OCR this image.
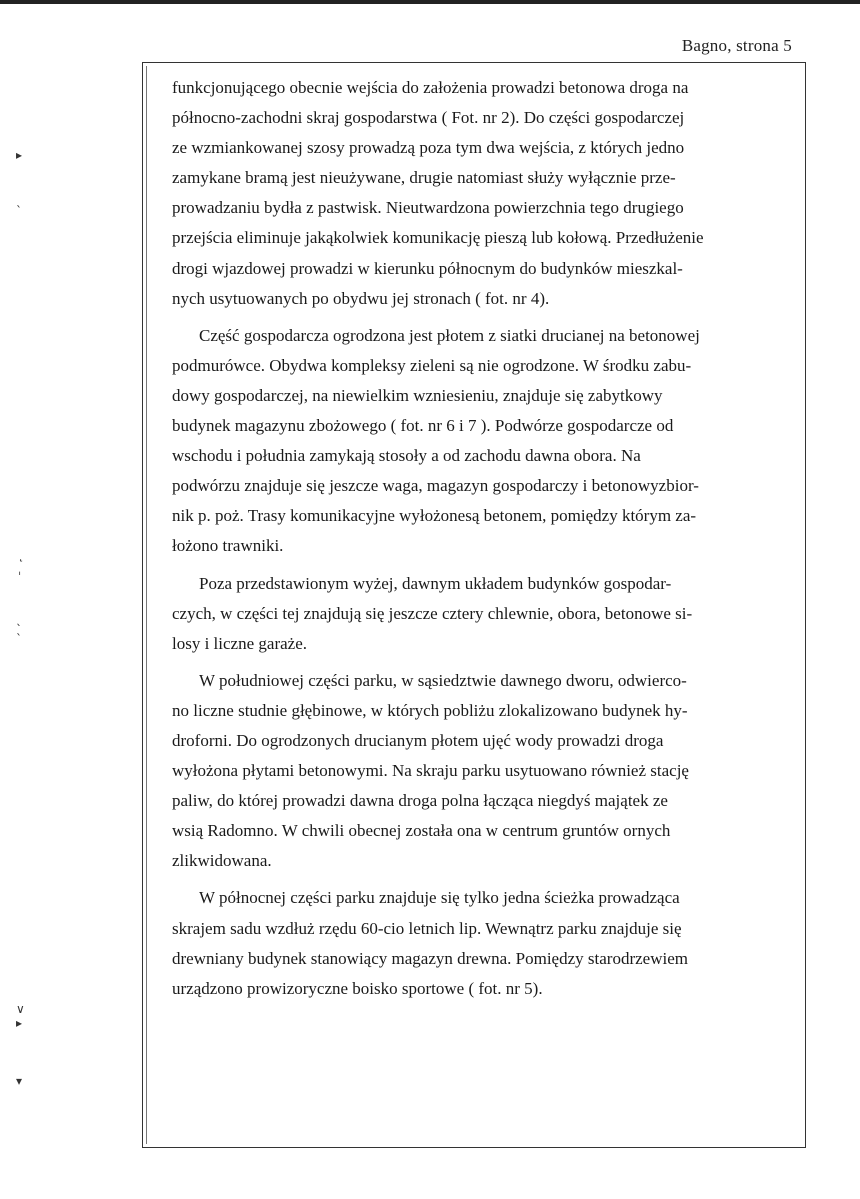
Bagno, strona 5
▸
ˋ
˛
ˈ
ˎ
ˋ
∨
▸
▾
funkcjonującego obecnie wejścia do założenia prowadzi betonowa droga na
północno-zachodni skraj gospodarstwa ( Fot. nr 2). Do części gospodarczej
ze wzmiankowanej szosy prowadzą poza tym dwa wejścia, z których jedno
zamykane bramą jest nieużywane, drugie natomiast służy wyłącznie prze-
prowadzaniu bydła z pastwisk. Nieutwardzona powierzchnia tego drugiego
przejścia eliminuje jakąkolwiek komunikację pieszą lub kołową. Przedłużenie
drogi wjazdowej prowadzi w kierunku północnym do budynków mieszkal-
nych usytuowanych po obydwu jej stronach ( fot. nr 4).
Część gospodarcza ogrodzona jest płotem z siatki drucianej na betonowej
podmurówce. Obydwa kompleksy zieleni są nie ogrodzone. W środku zabu-
dowy gospodarczej, na niewielkim wzniesieniu, znajduje się zabytkowy
budynek magazynu zbożowego ( fot. nr 6 i 7 ). Podwórze gospodarcze od
wschodu i południa zamykają stosoły a od zachodu dawna obora. Na
podwórzu znajduje się jeszcze waga, magazyn gospodarczy i betonowyzbior-
nik p. poż. Trasy komunikacyjne wyłożonesą betonem, pomiędzy którym za-
łożono trawniki.
Poza przedstawionym wyżej, dawnym układem budynków gospodar-
czych, w części tej znajdują się jeszcze cztery chlewnie, obora, betonowe si-
losy i liczne garaże.
W południowej części parku, w sąsiedztwie dawnego dworu, odwierco-
no liczne studnie głębinowe, w których pobliżu zlokalizowano budynek hy-
droforni. Do ogrodzonych drucianym płotem ujęć wody prowadzi droga
wyłożona płytami betonowymi. Na skraju parku usytuowano również stację
paliw, do której prowadzi dawna droga polna łącząca niegdyś majątek ze
wsią Radomno. W chwili obecnej została ona w centrum gruntów ornych
zlikwidowana.
W północnej części parku znajduje się tylko jedna ścieżka prowadząca
skrajem sadu wzdłuż rzędu 60-cio letnich lip. Wewnątrz parku znajduje się
drewniany budynek stanowiący magazyn drewna. Pomiędzy starodrzewiem
urządzono prowizoryczne boisko sportowe ( fot. nr 5).
